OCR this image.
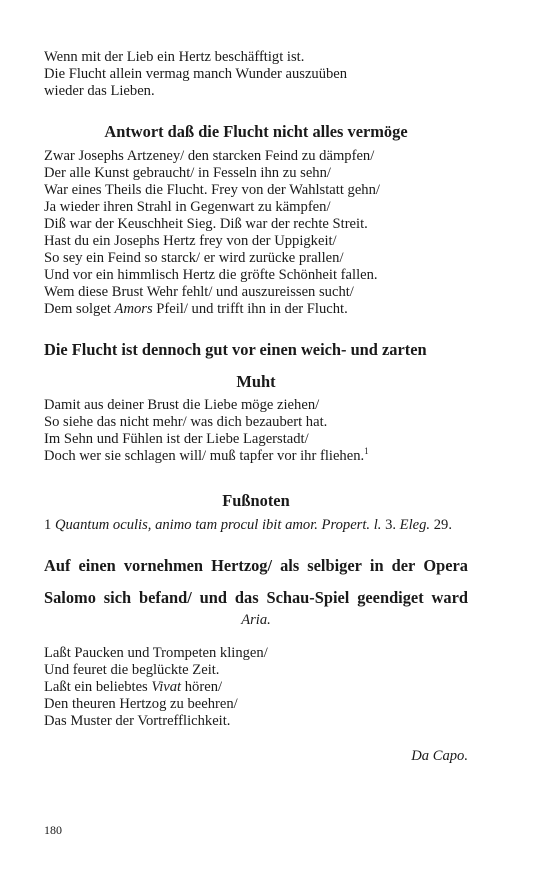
Wenn mit der Lieb ein Hertz beschäfftigt ist.
Die Flucht allein vermag manch Wunder auszuüben
wieder das Lieben.
Antwort daß die Flucht nicht alles vermöge
Zwar Josephs Artzeney/ den starcken Feind zu dämpfen/
Der alle Kunst gebraucht/ in Fesseln ihn zu sehn/
War eines Theils die Flucht. Frey von der Wahlstatt gehn/
Ja wieder ihren Strahl in Gegenwart zu kämpfen/
Diß war der Keuschheit Sieg. Diß war der rechte Streit.
Hast du ein Josephs Hertz frey von der Uppigkeit/
So sey ein Feind so starck/ er wird zurücke prallen/
Und vor ein himmlisch Hertz die gröfte Schönheit fallen.
Wem diese Brust Wehr fehlt/ und auszureissen sucht/
Dem solget Amors Pfeil/ und trifft ihn in der Flucht.
Die Flucht ist dennoch gut vor einen weich- und zarten
Muht
Damit aus deiner Brust die Liebe möge ziehen/
So siehe das nicht mehr/ was dich bezaubert hat.
Im Sehn und Fühlen ist der Liebe Lagerstadt/
Doch wer sie schlagen will/ muß tapfer vor ihr fliehen.$^1$
Fußnoten
1 Quantum oculis, animo tam procul ibit amor. Propert. l. 3. Eleg. 29.
Auf einen vornehmen Hertzog/ als selbiger in der Opera
Salomo sich befand/ und das Schau-Spiel geendiget ward
Aria.
Laßt Paucken und Trompeten klingen/
Und feuret die beglückte Zeit.
Laßt ein beliebtes Vivat hören/
Den theuren Hertzog zu beehren/
Das Muster der Vortrefflichkeit.
Da Capo.
180
